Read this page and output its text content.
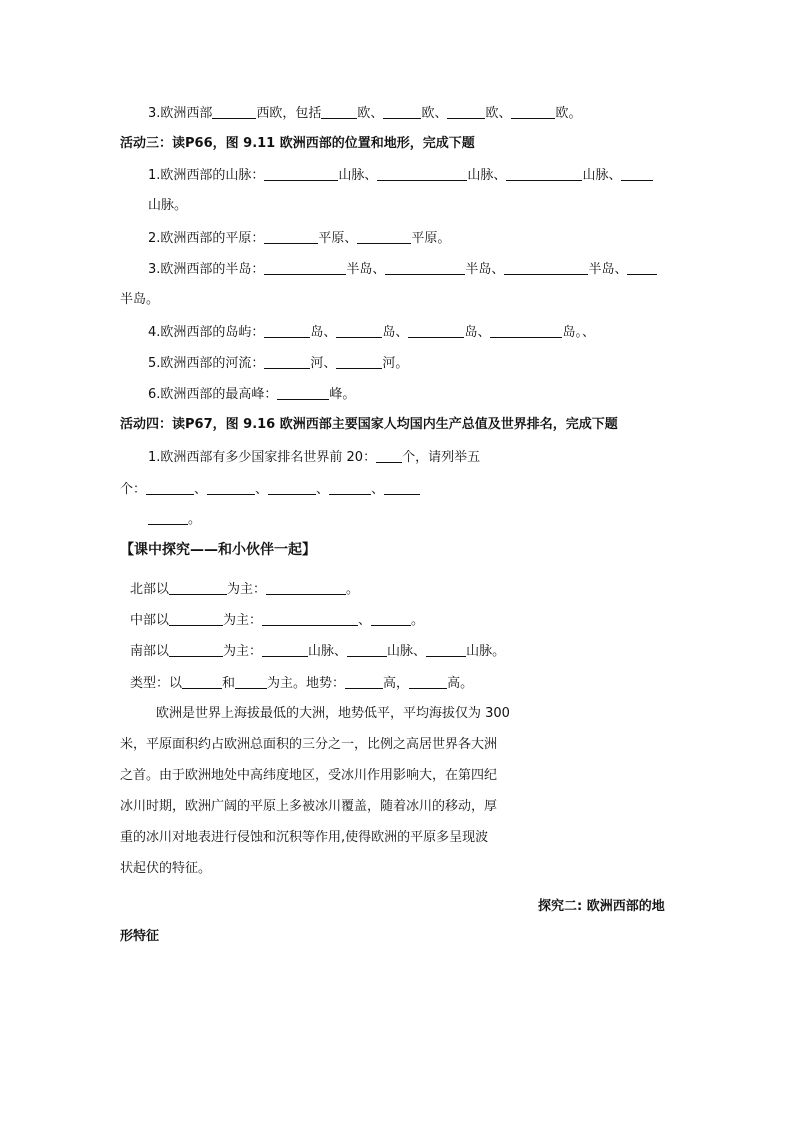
3.欧洲西部	西欧，包括	欧、	欧、	欧、	欧。
活动三：读P66，图 9.11 欧洲西部的位置和地形，完成下题
1.欧洲西部的山脉：	山脉、	山脉、	山脉、
山脉。
2.欧洲西部的平原：	平原、	平原。
3.欧洲西部的半岛：	半岛、	半岛、	半岛、
半岛。
4.欧洲西部的岛屿：	岛、	岛、	岛、	岛。、
5.欧洲西部的河流：	河、	河。
6.欧洲西部的最高峰：	峰。
活动四：读P67，图 9.16 欧洲西部主要国家人均国内生产总值及世界排名，完成下题
1.欧洲西部有多少国家排名世界前 20： 个，请列举五
个：	、	、	、	、
。
【课中探究——和小伙伴一起】
北部以	为主：	。
中部以	为主：	、	。
南部以	为主：	山脉、	山脉、	山脉。
类型：以	和 为主。地势：	高，	高。
欧洲是世界上海拔最低的大洲，地势低平，平均海拔仅为 300
米，平原面积约占欧洲总面积的三分之一，比例之高居世界各大洲
之首。由于欧洲地处中高纬度地区，受冰川作用影响大，在第四纪
冰川时期，欧洲广阔的平原上多被冰川覆盖，随着冰川的移动，厚
重的冰川对地表进行侵蚀和沉积等作用,使得欧洲的平原多呈现波
状起伏的特征。
探究二: 欧洲西部的地
形特征
